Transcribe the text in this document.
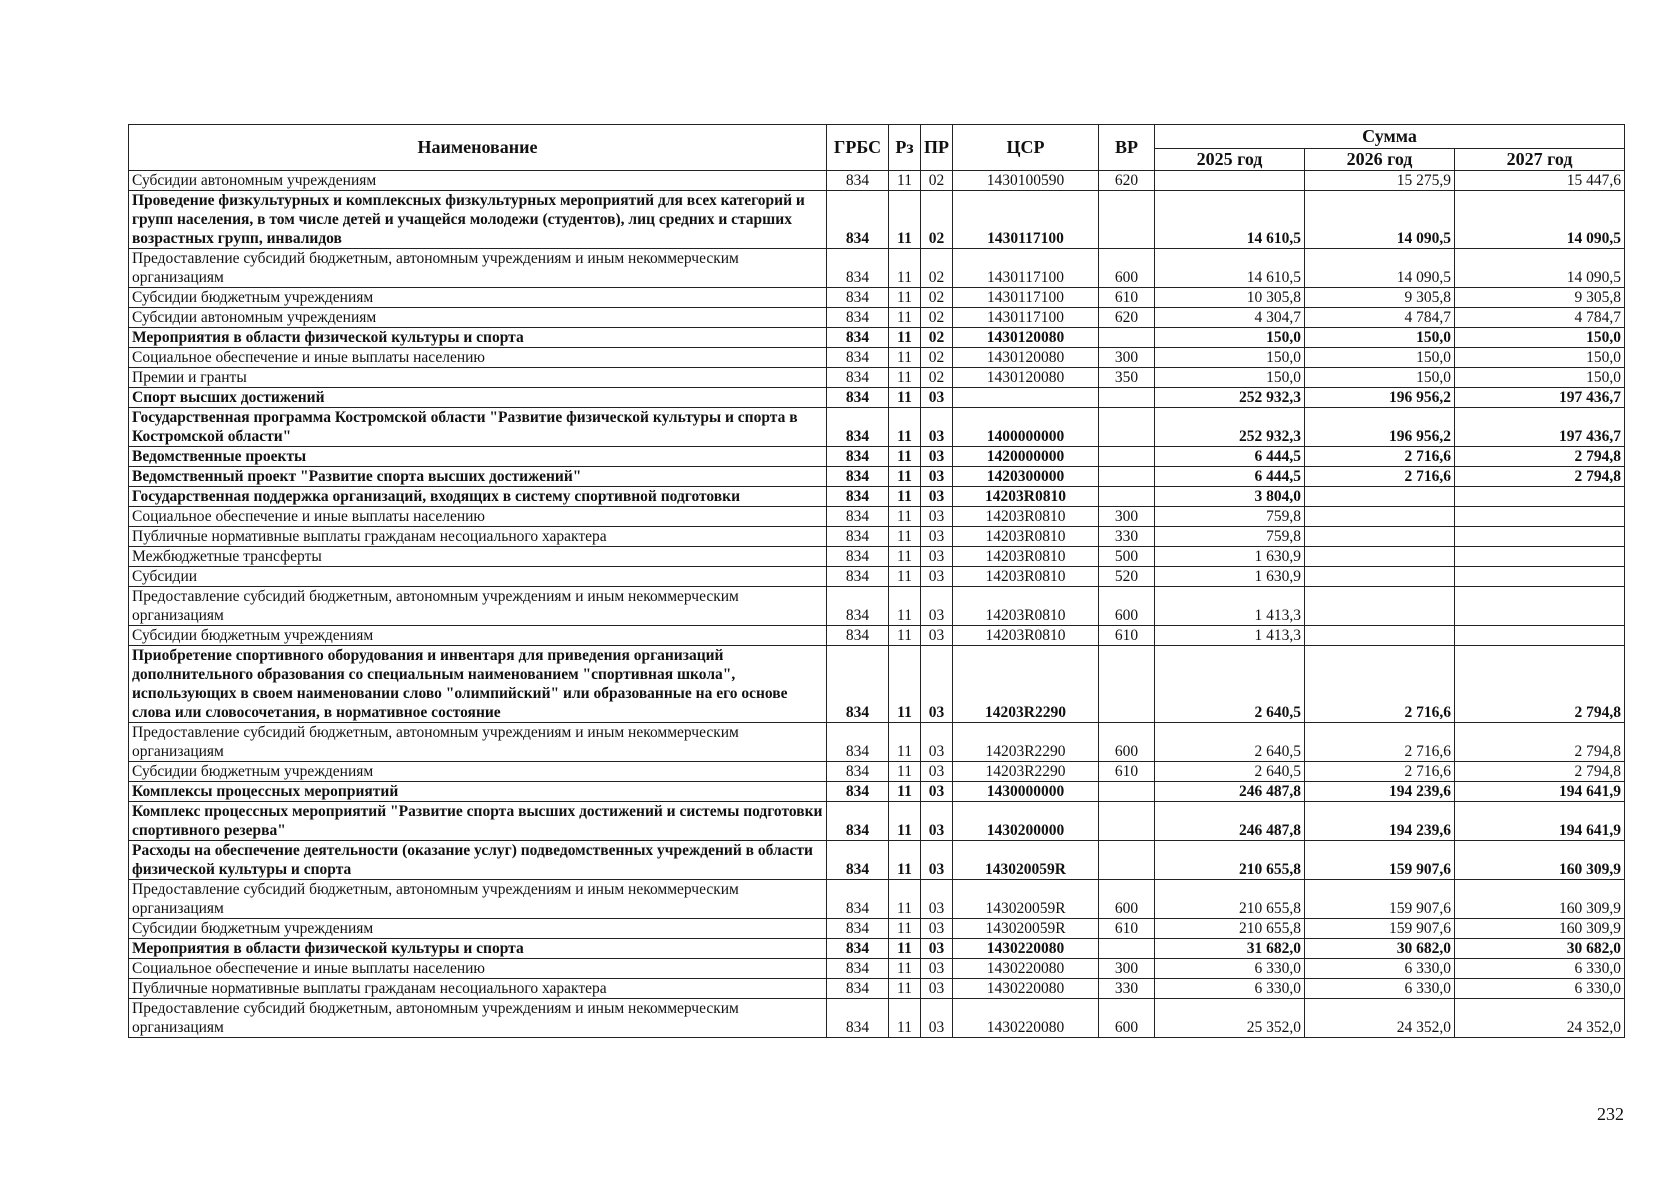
Наименование	ГРБС	Рз	ПР	ЦСР	ВР	Сумма		
						2025 год	2026 год	2027 год
Субсидии автономным учреждениям	834	11	02	1430100590	620		15 275,9	15 447,6
Проведение физкультурных и комплексных физкультурных мероприятий для всех категорий и групп населения, в том числе детей и учащейся молодежи (студентов), лиц средних и старших возрастных групп, инвалидов	834	11	02	1430117100		14 610,5	14 090,5	14 090,5
Предоставление субсидий бюджетным, автономным учреждениям и иным некоммерческим организациям	834	11	02	1430117100	600	14 610,5	14 090,5	14 090,5
Субсидии бюджетным учреждениям	834	11	02	1430117100	610	10 305,8	9 305,8	9 305,8
Субсидии автономным учреждениям	834	11	02	1430117100	620	4 304,7	4 784,7	4 784,7
Мероприятия в области физической культуры и спорта	834	11	02	1430120080		150,0	150,0	150,0
Социальное обеспечение и иные выплаты населению	834	11	02	1430120080	300	150,0	150,0	150,0
Премии и гранты	834	11	02	1430120080	350	150,0	150,0	150,0
Спорт высших достижений	834	11	03			252 932,3	196 956,2	197 436,7
Государственная программа Костромской области "Развитие физической культуры и спорта в Костромской области"	834	11	03	1400000000		252 932,3	196 956,2	197 436,7
Ведомственные проекты	834	11	03	1420000000		6 444,5	2 716,6	2 794,8
Ведомственный проект "Развитие спорта высших достижений"	834	11	03	1420300000		6 444,5	2 716,6	2 794,8
Государственная поддержка организаций, входящих в систему спортивной подготовки	834	11	03	14203R0810		3 804,0		
Социальное обеспечение и иные выплаты населению	834	11	03	14203R0810	300	759,8		
Публичные нормативные выплаты гражданам несоциального характера	834	11	03	14203R0810	330	759,8		
Межбюджетные трансферты	834	11	03	14203R0810	500	1 630,9		
Субсидии	834	11	03	14203R0810	520	1 630,9		
Предоставление субсидий бюджетным, автономным учреждениям и иным некоммерческим организациям	834	11	03	14203R0810	600	1 413,3		
Субсидии бюджетным учреждениям	834	11	03	14203R0810	610	1 413,3		
Приобретение спортивного оборудования и инвентаря для приведения организаций дополнительного образования со специальным наименованием "спортивная школа", использующих в своем наименовании слово "олимпийский" или образованные на его основе слова или словосочетания, в нормативное состояние	834	11	03	14203R2290		2 640,5	2 716,6	2 794,8
Предоставление субсидий бюджетным, автономным учреждениям и иным некоммерческим организациям	834	11	03	14203R2290	600	2 640,5	2 716,6	2 794,8
Субсидии бюджетным учреждениям	834	11	03	14203R2290	610	2 640,5	2 716,6	2 794,8
Комплексы процессных мероприятий	834	11	03	1430000000		246 487,8	194 239,6	194 641,9
Комплекс процессных мероприятий "Развитие спорта высших достижений и системы подготовки спортивного резерва"	834	11	03	1430200000		246 487,8	194 239,6	194 641,9
Расходы на обеспечение деятельности (оказание услуг) подведомственных учреждений в области физической культуры и спорта	834	11	03	143020059R		210 655,8	159 907,6	160 309,9
Предоставление субсидий бюджетным, автономным учреждениям и иным некоммерческим организациям	834	11	03	143020059R	600	210 655,8	159 907,6	160 309,9
Субсидии бюджетным учреждениям	834	11	03	143020059R	610	210 655,8	159 907,6	160 309,9
Мероприятия в области физической культуры и спорта	834	11	03	1430220080		31 682,0	30 682,0	30 682,0
Социальное обеспечение и иные выплаты населению	834	11	03	1430220080	300	6 330,0	6 330,0	6 330,0
Публичные нормативные выплаты гражданам несоциального характера	834	11	03	1430220080	330	6 330,0	6 330,0	6 330,0
Предоставление субсидий бюджетным, автономным учреждениям и иным некоммерческим организациям	834	11	03	1430220080	600	25 352,0	24 352,0	24 352,0
232
